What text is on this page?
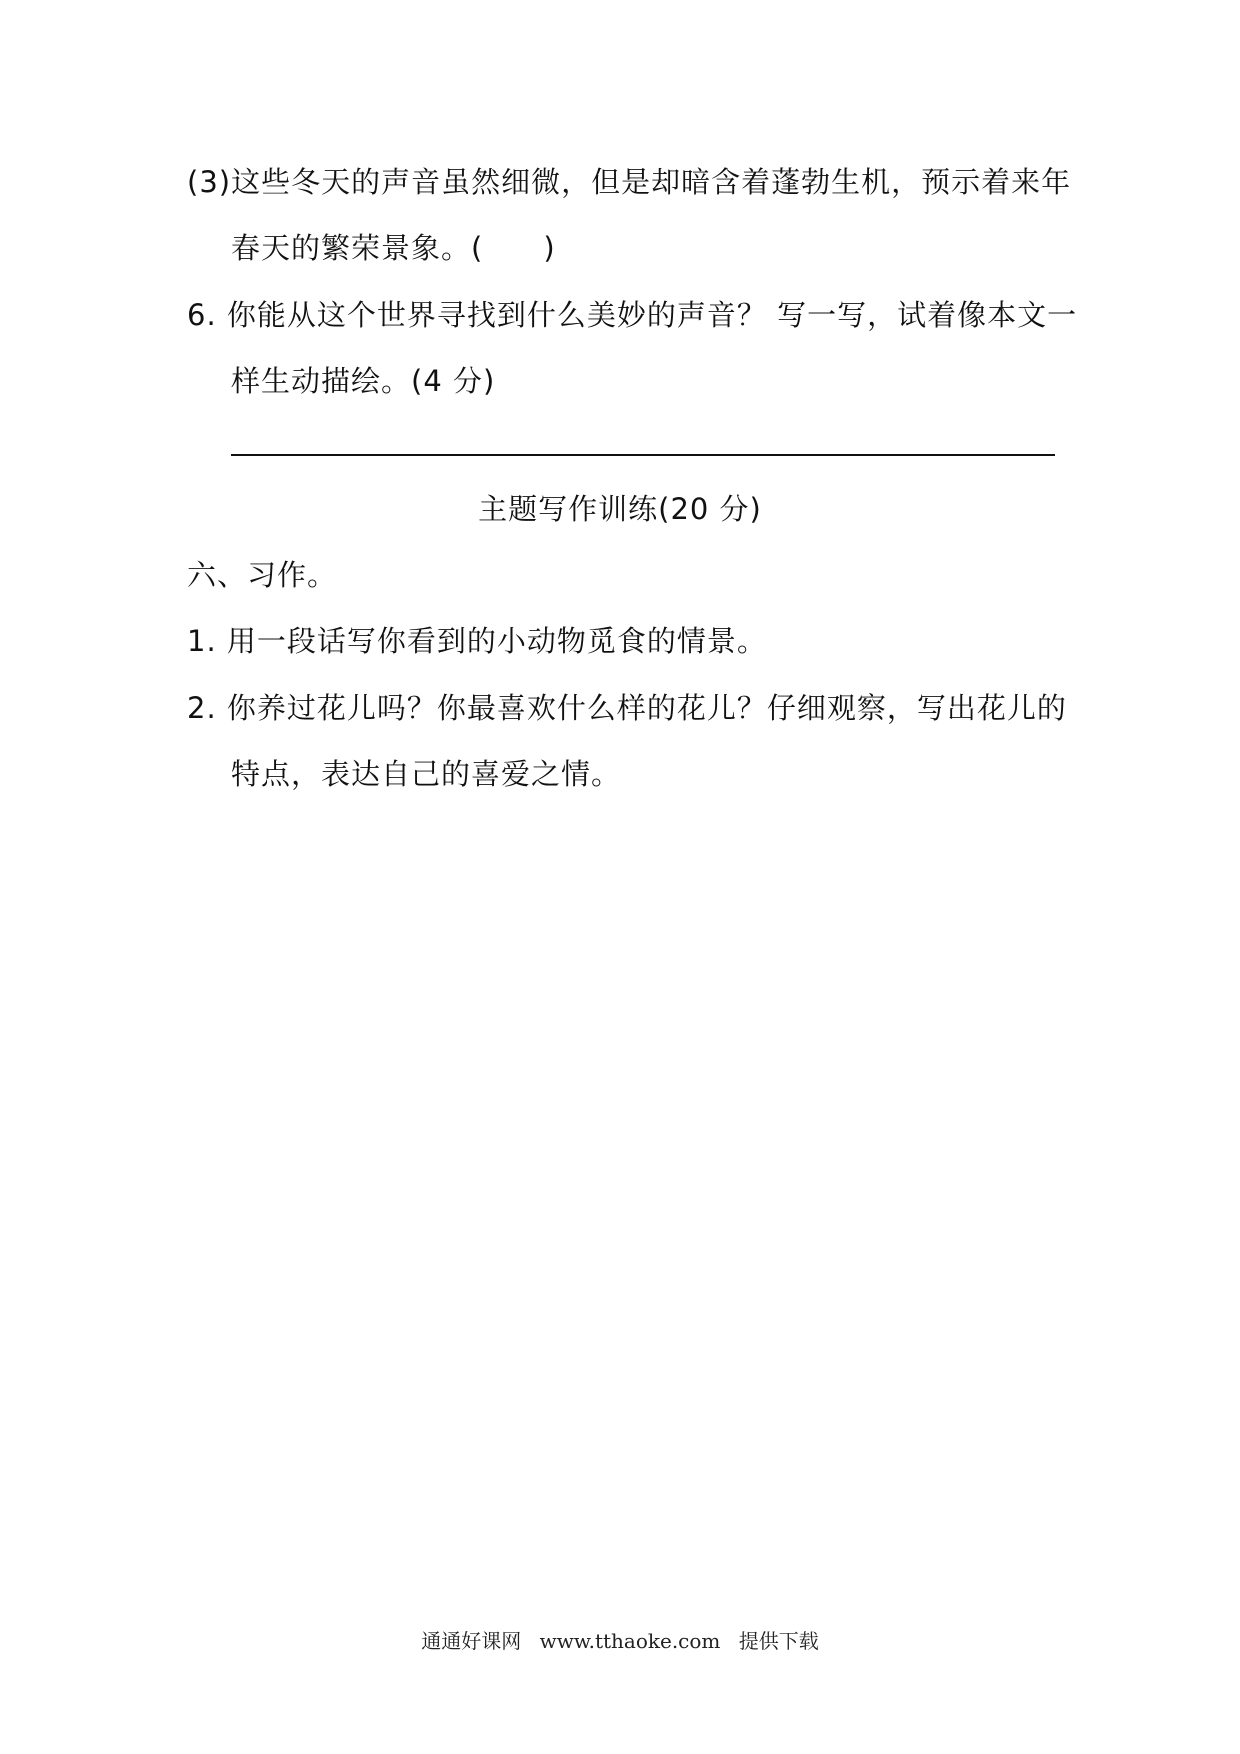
(3)这些冬天的声音虽然细微，但是却暗含着蓬勃生机，预示着来年
春天的繁荣景象。(　　)
6. 你能从这个世界寻找到什么美妙的声音？ 写一写，试着像本文一
样生动描绘。(4 分)
主题写作训练(20 分)
六、习作。
1. 用一段话写你看到的小动物觅食的情景。
2. 你养过花儿吗？你最喜欢什么样的花儿？仔细观察，写出花儿的
特点，表达自己的喜爱之情。
通通好课网 www.tthaoke.com 提供下载
